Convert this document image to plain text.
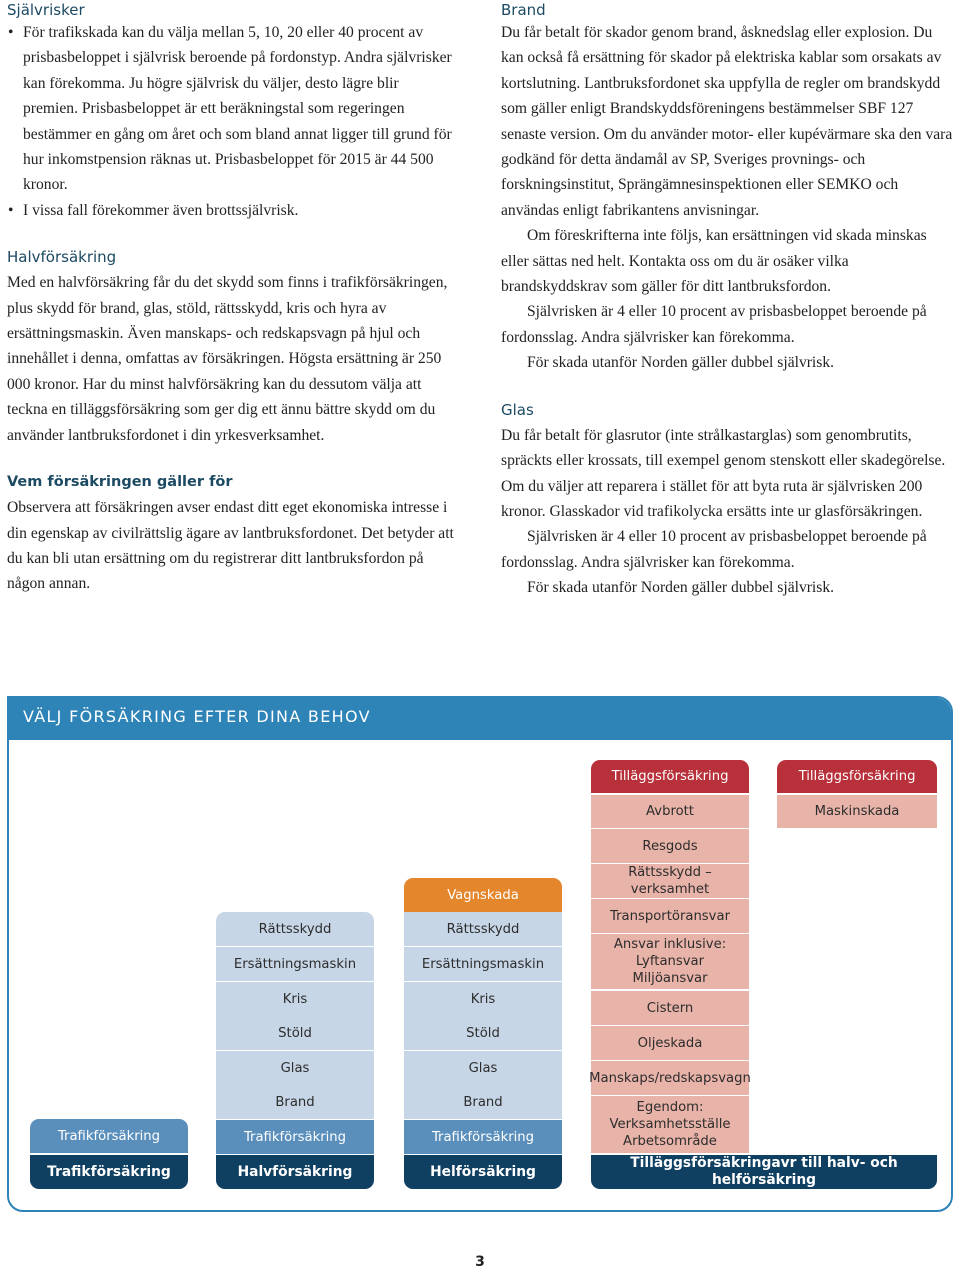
Självrisker
• För trafikskada kan du välja mellan 5, 10, 20 eller 40 procent av prisbasbeloppet i självrisk beroende på fordonstyp. Andra självrisker kan förekomma. Ju högre självrisk du väljer, desto lägre blir premien. Prisbasbeloppet är ett beräkningstal som regeringen bestämmer en gång om året och som bland annat ligger till grund för hur inkomstpension räknas ut. Prisbasbeloppet för 2015 är 44 500 kronor.
• I vissa fall förekommer även brottssjälvrisk.
Halvförsäkring

Med en halvförsäkring får du det skydd som finns i trafikförsäkringen, plus skydd för brand, glas, stöld, rättsskydd, kris och hyra av ersättningsmaskin. Även manskaps- och redskapsvagn på hjul och innehållet i denna, omfattas av försäkringen. Högsta ersättning är 250 000 kronor. Har du minst halvförsäkring kan du dessutom välja att teckna en tilläggsförsäkring som ger dig ett ännu bättre skydd om du använder lantbruksfordonet i din yrkesverksamhet.

Vem försäkringen gäller för

Observera att försäkringen avser endast ditt eget ekonomiska intresse i din egenskap av civilrättslig ägare av lantbruksfordonet. Det betyder att du kan bli utan ersättning om du registrerar ditt lantbruksfordon på någon annan.

Brand

Du får betalt för skador genom brand, åsknedslag eller explosion. Du kan också få ersättning för skador på elektriska kablar som orsakats av kortslutning. Lantbruksfordonet ska uppfylla de regler om brandskydd som gäller enligt Brandskyddsföreningens bestämmelser SBF 127 senaste version. Om du använder motor- eller kupévärmare ska den vara godkänd för detta ändamål av SP, Sveriges provnings- och forskningsinstitut, Sprängämnesinspektionen eller SEMKO och användas enligt fabrikantens anvisningar.

Om föreskrifterna inte följs, kan ersättningen vid skada minskas eller sättas ned helt. Kontakta oss om du är osäker vilka brandskyddskrav som gäller för ditt lantbruksfordon.

Självrisken är 4 eller 10 procent av prisbasbeloppet beroende på fordonsslag. Andra självrisker kan förekomma.

För skada utanför Norden gäller dubbel självrisk.

Glas

Du får betalt för glasrutor (inte strålkastarglas) som genombrutits, spräckts eller krossats, till exempel genom stenskott eller skadegörelse. Om du väljer att reparera i stället för att byta ruta är självrisken 200 kronor. Glasskador vid trafikolycka ersätts inte ur glasförsäkringen.

Självrisken är 4 eller 10 procent av prisbasbeloppet beroende på fordonsslag. Andra självrisker kan förekomma.

För skada utanför Norden gäller dubbel självrisk.

VÄLJ FÖRSÄKRING EFTER DINA BEHOV
Trafikförsäkring
Trafikförsäkring
Rättsskydd
Ersättningsmaskin
Kris
Stöld
Glas
Brand
Trafikförsäkring
Halvförsäkring
Vagnskada
Rättsskydd
Ersättningsmaskin
Kris
Stöld
Glas
Brand
Trafikförsäkring
Helförsäkring
Tilläggsförsäkring
Avbrott
Resgods
Rättsskydd – verksamhet
Transportöransvar
Ansvar inklusive:
Lyftansvar
Miljöansvar
Cistern
Oljeskada
Manskaps/redskapsvagn
Egendom:
Verksamhetsställe
Arbetsområde
Tilläggsförsäkringavr till halv- och helförsäkring
Tilläggsförsäkring
Maskinskada
3
